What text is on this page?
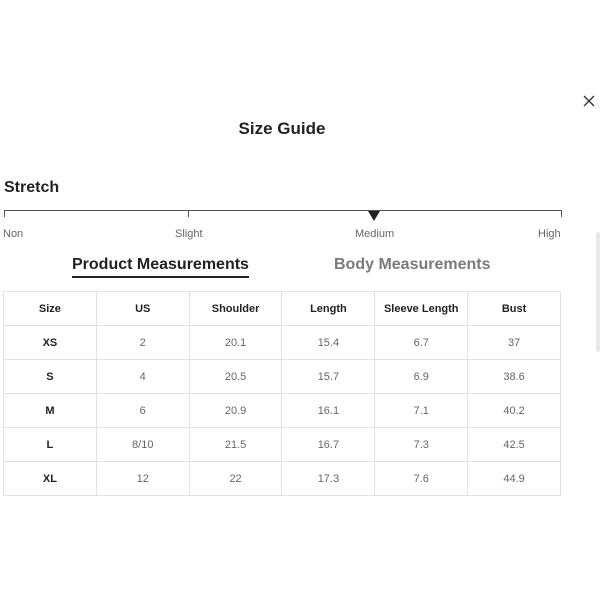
Size Guide
Stretch
Non	Slight	Medium	High
Product Measurements	Body Measurements
Size	US	Shoulder	Length	Sleeve Length	Bust
XS	2	20.1	15.4	6.7	37
S	4	20.5	15.7	6.9	38.6
M	6	20.9	16.1	7.1	40.2
L	8/10	21.5	16.7	7.3	42.5
XL	12	22	17.3	7.6	44.9
